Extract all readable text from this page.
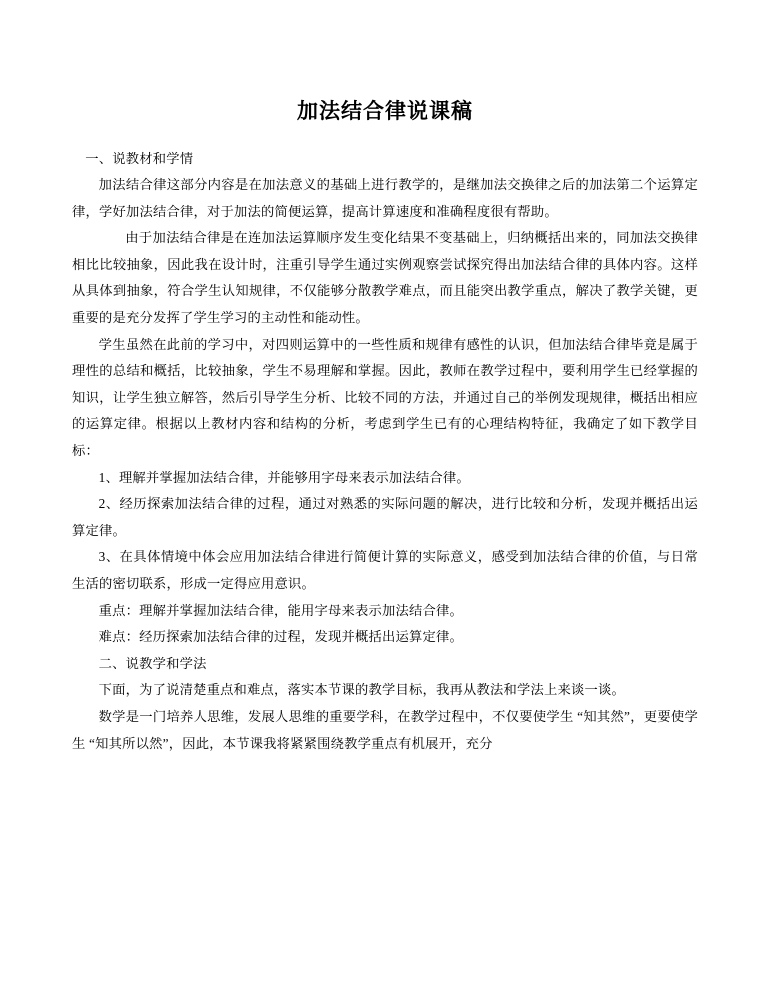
加法结合律说课稿

一、说教材和学情

加法结合律这部分内容是在加法意义的基础上进行教学的，是继加法交换律之后的加法第二个运算定律，学好加法结合律，对于加法的简便运算，提高计算速度和准确程度很有帮助。

由于加法结合律是在连加法运算顺序发生变化结果不变基础上，归纳概括出来的，同加法交换律相比比较抽象，因此我在设计时，注重引导学生通过实例观察尝试探究得出加法结合律的具体内容。这样从具体到抽象，符合学生认知规律，不仅能够分散教学难点，而且能突出教学重点，解决了教学关键，更重要的是充分发挥了学生学习的主动性和能动性。

学生虽然在此前的学习中，对四则运算中的一些性质和规律有感性的认识，但加法结合律毕竟是属于理性的总结和概括，比较抽象，学生不易理解和掌握。因此，教师在教学过程中，要利用学生已经掌握的知识，让学生独立解答，然后引导学生分析、比较不同的方法，并通过自己的举例发现规律，概括出相应的运算定律。根据以上教材内容和结构的分析，考虑到学生已有的心理结构特征，我确定了如下教学目标：

1、理解并掌握加法结合律，并能够用字母来表示加法结合律。

2、经历探索加法结合律的过程，通过对熟悉的实际问题的解决，进行比较和分析，发现并概括出运算定律。

3、在具体情境中体会应用加法结合律进行简便计算的实际意义，感受到加法结合律的价值，与日常生活的密切联系，形成一定得应用意识。

重点：理解并掌握加法结合律，能用字母来表示加法结合律。

难点：经历探索加法结合律的过程，发现并概括出运算定律。

二、说教学和学法

下面，为了说清楚重点和难点，落实本节课的教学目标，我再从教法和学法上来谈一谈。

数学是一门培养人思维，发展人思维的重要学科，在教学过程中，不仅要使学生 “知其然”，更要使学生 “知其所以然”，因此，本节课我将紧紧围绕教学重点有机展开，充分
